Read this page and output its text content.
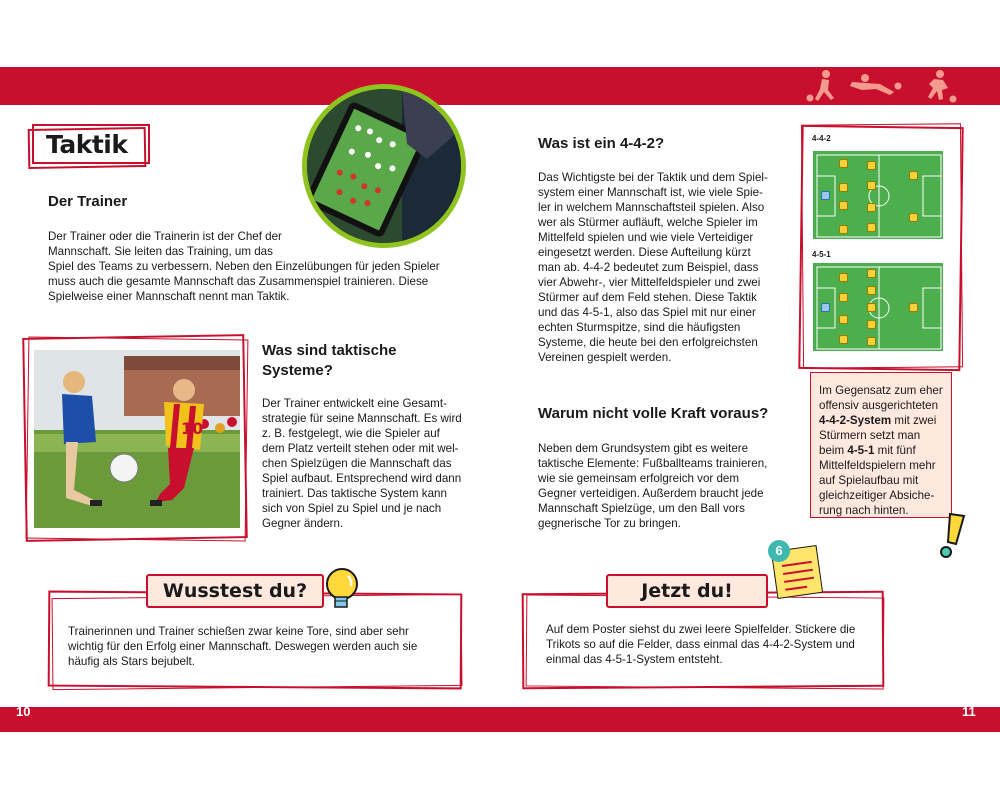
Taktik
Der Trainer
Der Trainer oder die Trainerin ist der Chef der
Mannschaft. Sie leiten das Training, um das
Spiel des Teams zu verbessern. Neben den Einzelübungen für jeden Spieler
muss auch die gesamte Mannschaft das Zusammenspiel trainieren. Diese
Spielweise einer Mannschaft nennt man Taktik.
10
Was sind taktische
Systeme?
Der Trainer entwickelt eine Gesamt-
strategie für seine Mannschaft. Es wird
z. B. festgelegt, wie die Spieler auf
dem Platz verteilt stehen oder mit wel-
chen Spielzügen die Mannschaft das
Spiel aufbaut. Entsprechend wird dann
trainiert. Das taktische System kann
sich von Spiel zu Spiel und je nach
Gegner ändern.
Trainerinnen und Trainer schießen zwar keine Tore, sind aber sehr
wichtig für den Erfolg einer Mannschaft. Deswegen werden auch sie
häufig als Stars bejubelt.
Wusstest du?
Was ist ein 4-4-2?
Das Wichtigste bei der Taktik und dem Spiel-
system einer Mannschaft ist, wie viele Spie-
ler in welchem Mannschaftsteil spielen. Also
wer als Stürmer aufläuft, welche Spieler im
Mittelfeld spielen und wie viele Verteidiger
eingesetzt werden. Diese Aufteilung kürzt
man ab. 4-4-2 bedeutet zum Beispiel, dass
vier Abwehr-, vier Mittelfeldspieler und zwei
Stürmer auf dem Feld stehen. Diese Taktik
und das 4-5-1, also das Spiel mit nur einer
echten Sturmspitze, sind die häufigsten
Systeme, die heute bei den erfolgreichsten
Vereinen gespielt werden.
Warum nicht volle Kraft voraus?
Neben dem Grundsystem gibt es weitere
taktische Elemente: Fußballteams trainieren,
wie sie gemeinsam erfolgreich vor dem
Gegner verteidigen. Außerdem braucht jede
Mannschaft Spielzüge, um den Ball vors
gegnerische Tor zu bringen.
4-4-2
4-5-1
Im Gegensatz zum eher
offensiv ausgerichteten
4-4-2-System mit zwei
Stürmern setzt man
beim 4-5-1 mit fünf
Mittelfeldspielern mehr
auf Spielaufbau mit
gleichzeitiger Absiche-
rung nach hinten.
Auf dem Poster siehst du zwei leere Spielfelder. Stickere die
Trikots so auf die Felder, dass einmal das 4-4-2-System und
einmal das 4-5-1-System entsteht.
Jetzt du!
6
10	11
